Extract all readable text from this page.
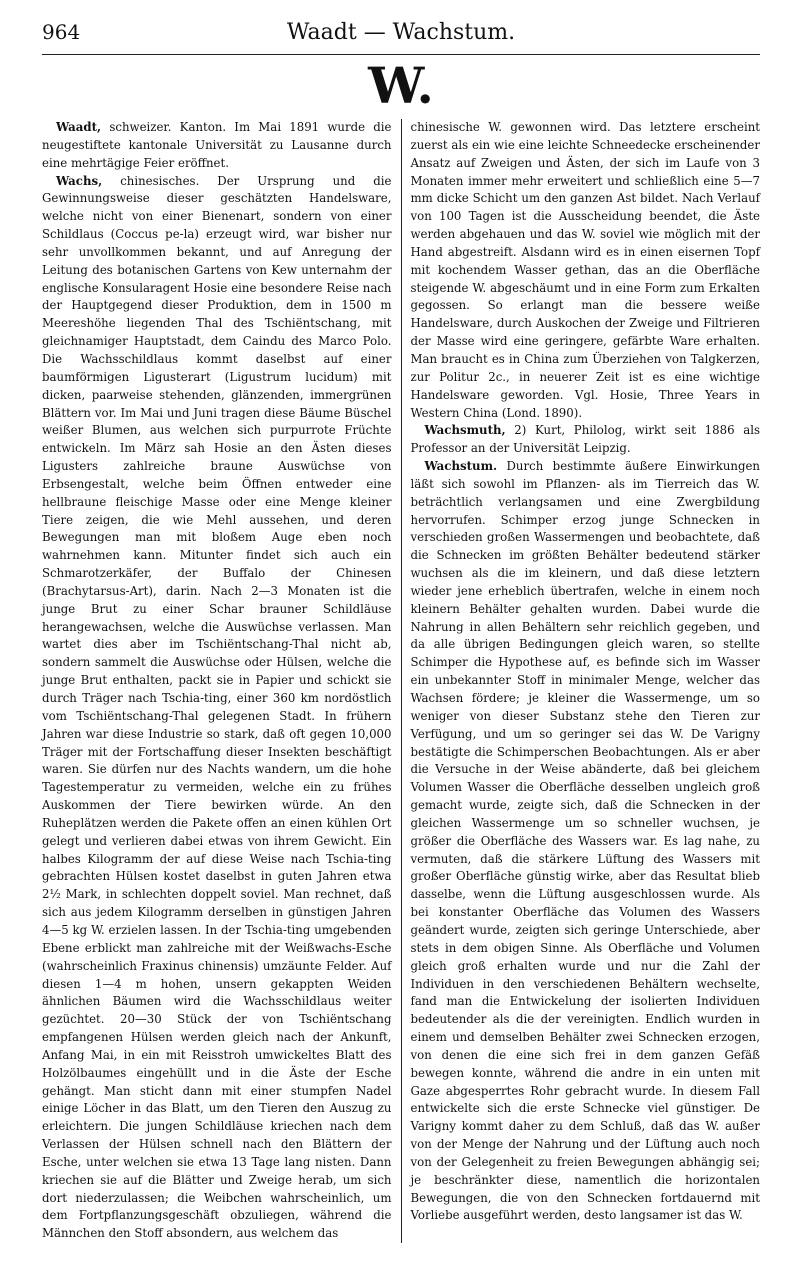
964	Waadt — Wachstum.
W.

Waadt, schweizer. Kanton. Im Mai 1891 wurde die neugestiftete kantonale Universität zu Lausanne durch eine mehrtägige Feier eröffnet.

Wachs, chinesisches. Der Ursprung und die Gewinnungsweise dieser geschätzten Handelsware, welche nicht von einer Bienenart, sondern von einer Schildlaus (Coccus pe-la) erzeugt wird, war bisher nur sehr unvollkommen bekannt, und auf Anregung der Leitung des botanischen Gartens von Kew unternahm der englische Konsularagent Hosie eine besondere Reise nach der Hauptgegend dieser Produktion, dem in 1500 m Meereshöhe liegenden Thal des Tschiëntschang, mit gleichnamiger Hauptstadt, dem Caindu des Marco Polo. Die Wachsschildlaus kommt daselbst auf einer baumförmigen Ligusterart (Ligustrum lucidum) mit dicken, paarweise stehenden, glänzenden, immergrünen Blättern vor. Im Mai und Juni tragen diese Bäume Büschel weißer Blumen, aus welchen sich purpurrote Früchte entwickeln. Im März sah Hosie an den Ästen dieses Ligusters zahlreiche braune Auswüchse von Erbsengestalt, welche beim Öffnen entweder eine hellbraune fleischige Masse oder eine Menge kleiner Tiere zeigen, die wie Mehl aussehen, und deren Bewegungen man mit bloßem Auge eben noch wahrnehmen kann. Mitunter findet sich auch ein Schmarotzerkäfer, der Buffalo der Chinesen (Brachytarsus-Art), darin. Nach 2—3 Monaten ist die junge Brut zu einer Schar brauner Schildläuse herangewachsen, welche die Auswüchse verlassen. Man wartet dies aber im Tschiëntschang-Thal nicht ab, sondern sammelt die Auswüchse oder Hülsen, welche die junge Brut enthalten, packt sie in Papier und schickt sie durch Träger nach Tschia-ting, einer 360 km nordöstlich vom Tschiëntschang-Thal gelegenen Stadt. In frühern Jahren war diese Industrie so stark, daß oft gegen 10,000 Träger mit der Fortschaffung dieser Insekten beschäftigt waren. Sie dürfen nur des Nachts wandern, um die hohe Tagestemperatur zu vermeiden, welche ein zu frühes Auskommen der Tiere bewirken würde. An den Ruheplätzen werden die Pakete offen an einen kühlen Ort gelegt und verlieren dabei etwas von ihrem Gewicht. Ein halbes Kilogramm der auf diese Weise nach Tschia-ting gebrachten Hülsen kostet daselbst in guten Jahren etwa 2½ Mark, in schlechten doppelt soviel. Man rechnet, daß sich aus jedem Kilogramm derselben in günstigen Jahren 4—5 kg W. erzielen lassen. In der Tschia-ting umgebenden Ebene erblickt man zahlreiche mit der Weißwachs-Esche (wahrscheinlich Fraxinus chinensis) umzäunte Felder. Auf diesen 1—4 m hohen, unsern gekappten Weiden ähnlichen Bäumen wird die Wachsschildlaus weiter gezüchtet. 20—30 Stück der von Tschiëntschang empfangenen Hülsen werden gleich nach der Ankunft, Anfang Mai, in ein mit Reisstroh umwickeltes Blatt des Holzölbaumes eingehüllt und in die Äste der Esche gehängt. Man sticht dann mit einer stumpfen Nadel einige Löcher in das Blatt, um den Tieren den Auszug zu erleichtern. Die jungen Schildläuse kriechen nach dem Verlassen der Hülsen schnell nach den Blättern der Esche, unter welchen sie etwa 13 Tage lang nisten. Dann kriechen sie auf die Blätter und Zweige herab, um sich dort niederzulassen; die Weibchen wahrscheinlich, um dem Fortpflanzungsgeschäft obzuliegen, während die Männchen den Stoff absondern, aus welchem das

chinesische W. gewonnen wird. Das letztere erscheint zuerst als ein wie eine leichte Schneedecke erscheinender Ansatz auf Zweigen und Ästen, der sich im Laufe von 3 Monaten immer mehr erweitert und schließlich eine 5—7 mm dicke Schicht um den ganzen Ast bildet. Nach Verlauf von 100 Tagen ist die Ausscheidung beendet, die Äste werden abgehauen und das W. soviel wie möglich mit der Hand abgestreift. Alsdann wird es in einen eisernen Topf mit kochendem Wasser gethan, das an die Oberfläche steigende W. abgeschäumt und in eine Form zum Erkalten gegossen. So erlangt man die bessere weiße Handelsware, durch Auskochen der Zweige und Filtrieren der Masse wird eine geringere, gefärbte Ware erhalten. Man braucht es in China zum Überziehen von Talgkerzen, zur Politur 2c., in neuerer Zeit ist es eine wichtige Handelsware geworden. Vgl. Hosie, Three Years in Western China (Lond. 1890).

Wachsmuth, 2) Kurt, Philolog, wirkt seit 1886 als Professor an der Universität Leipzig.

Wachstum. Durch bestimmte äußere Einwirkungen läßt sich sowohl im Pflanzen- als im Tierreich das W. beträchtlich verlangsamen und eine Zwergbildung hervorrufen. Schimper erzog junge Schnecken in verschieden großen Wassermengen und beobachtete, daß die Schnecken im größten Behälter bedeutend stärker wuchsen als die im kleinern, und daß diese letztern wieder jene erheblich übertrafen, welche in einem noch kleinern Behälter gehalten wurden. Dabei wurde die Nahrung in allen Behältern sehr reichlich gegeben, und da alle übrigen Bedingungen gleich waren, so stellte Schimper die Hypothese auf, es befinde sich im Wasser ein unbekannter Stoff in minimaler Menge, welcher das Wachsen fördere; je kleiner die Wassermenge, um so weniger von dieser Substanz stehe den Tieren zur Verfügung, und um so geringer sei das W. De Varigny bestätigte die Schimperschen Beobachtungen. Als er aber die Versuche in der Weise abänderte, daß bei gleichem Volumen Wasser die Oberfläche desselben ungleich groß gemacht wurde, zeigte sich, daß die Schnecken in der gleichen Wassermenge um so schneller wuchsen, je größer die Oberfläche des Wassers war. Es lag nahe, zu vermuten, daß die stärkere Lüftung des Wassers mit großer Oberfläche günstig wirke, aber das Resultat blieb dasselbe, wenn die Lüftung ausgeschlossen wurde. Als bei konstanter Oberfläche das Volumen des Wassers geändert wurde, zeigten sich geringe Unterschiede, aber stets in dem obigen Sinne. Als Oberfläche und Volumen gleich groß erhalten wurde und nur die Zahl der Individuen in den verschiedenen Behältern wechselte, fand man die Entwickelung der isolierten Individuen bedeutender als die der vereinigten. Endlich wurden in einem und demselben Behälter zwei Schnecken erzogen, von denen die eine sich frei in dem ganzen Gefäß bewegen konnte, während die andre in ein unten mit Gaze abgesperrtes Rohr gebracht wurde. In diesem Fall entwickelte sich die erste Schnecke viel günstiger. De Varigny kommt daher zu dem Schluß, daß das W. außer von der Menge der Nahrung und der Lüftung auch noch von der Gelegenheit zu freien Bewegungen abhängig sei; je beschränkter diese, namentlich die horizontalen Bewegungen, die von den Schnecken fortdauernd mit Vorliebe ausgeführt werden, desto langsamer ist das W.
